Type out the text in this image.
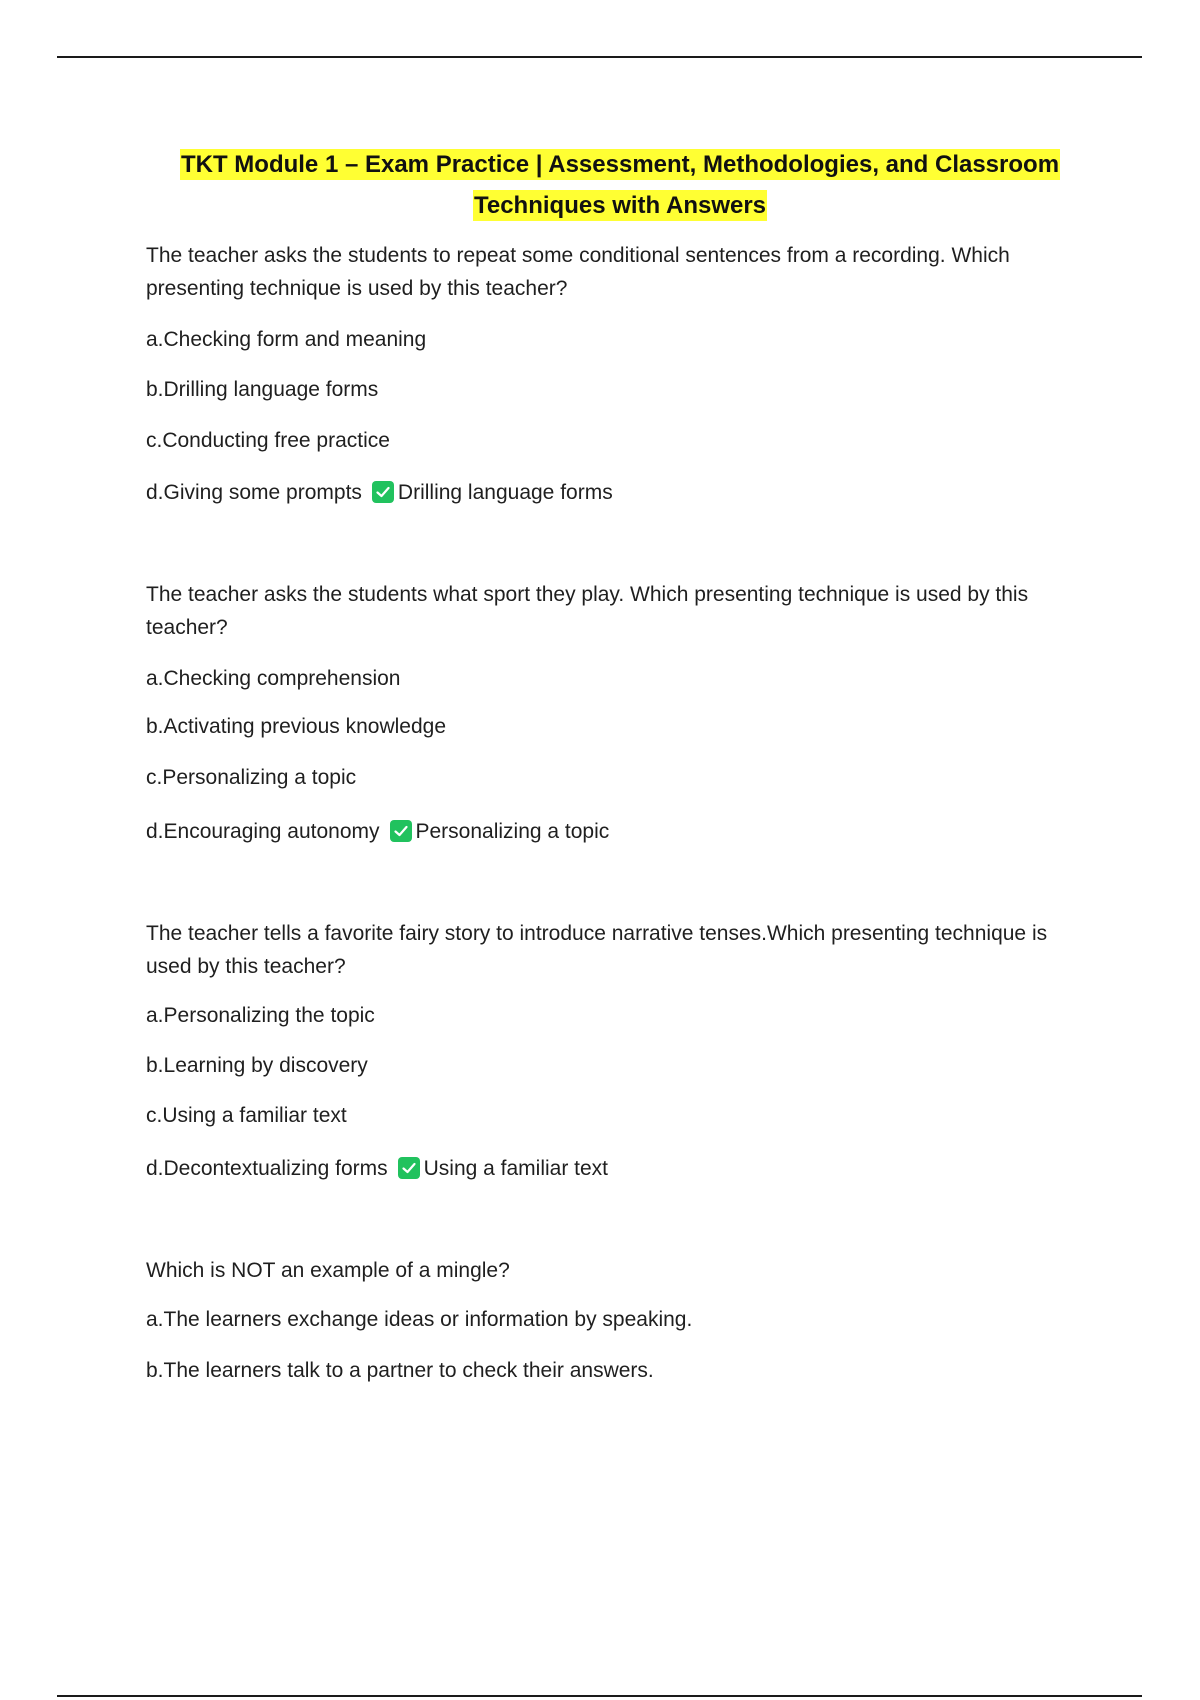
TKT Module 1 – Exam Practice | Assessment, Methodologies, and Classroom Techniques with Answers

The teacher asks the students to repeat some conditional sentences from a recording. Which presenting technique is used by this teacher?

a.Checking form and meaning

b.Drilling language forms

c.Conducting free practice

d.Giving some prompts Drilling language forms

The teacher asks the students what sport they play. Which presenting technique is used by this teacher?

a.Checking comprehension

b.Activating previous knowledge

c.Personalizing a topic

d.Encouraging autonomy Personalizing a topic

The teacher tells a favorite fairy story to introduce narrative tenses.Which presenting technique is used by this teacher?

a.Personalizing the topic

b.Learning by discovery

c.Using a familiar text

d.Decontextualizing forms Using a familiar text

Which is NOT an example of a mingle?

a.The learners exchange ideas or information by speaking.

b.The learners talk to a partner to check their answers.
